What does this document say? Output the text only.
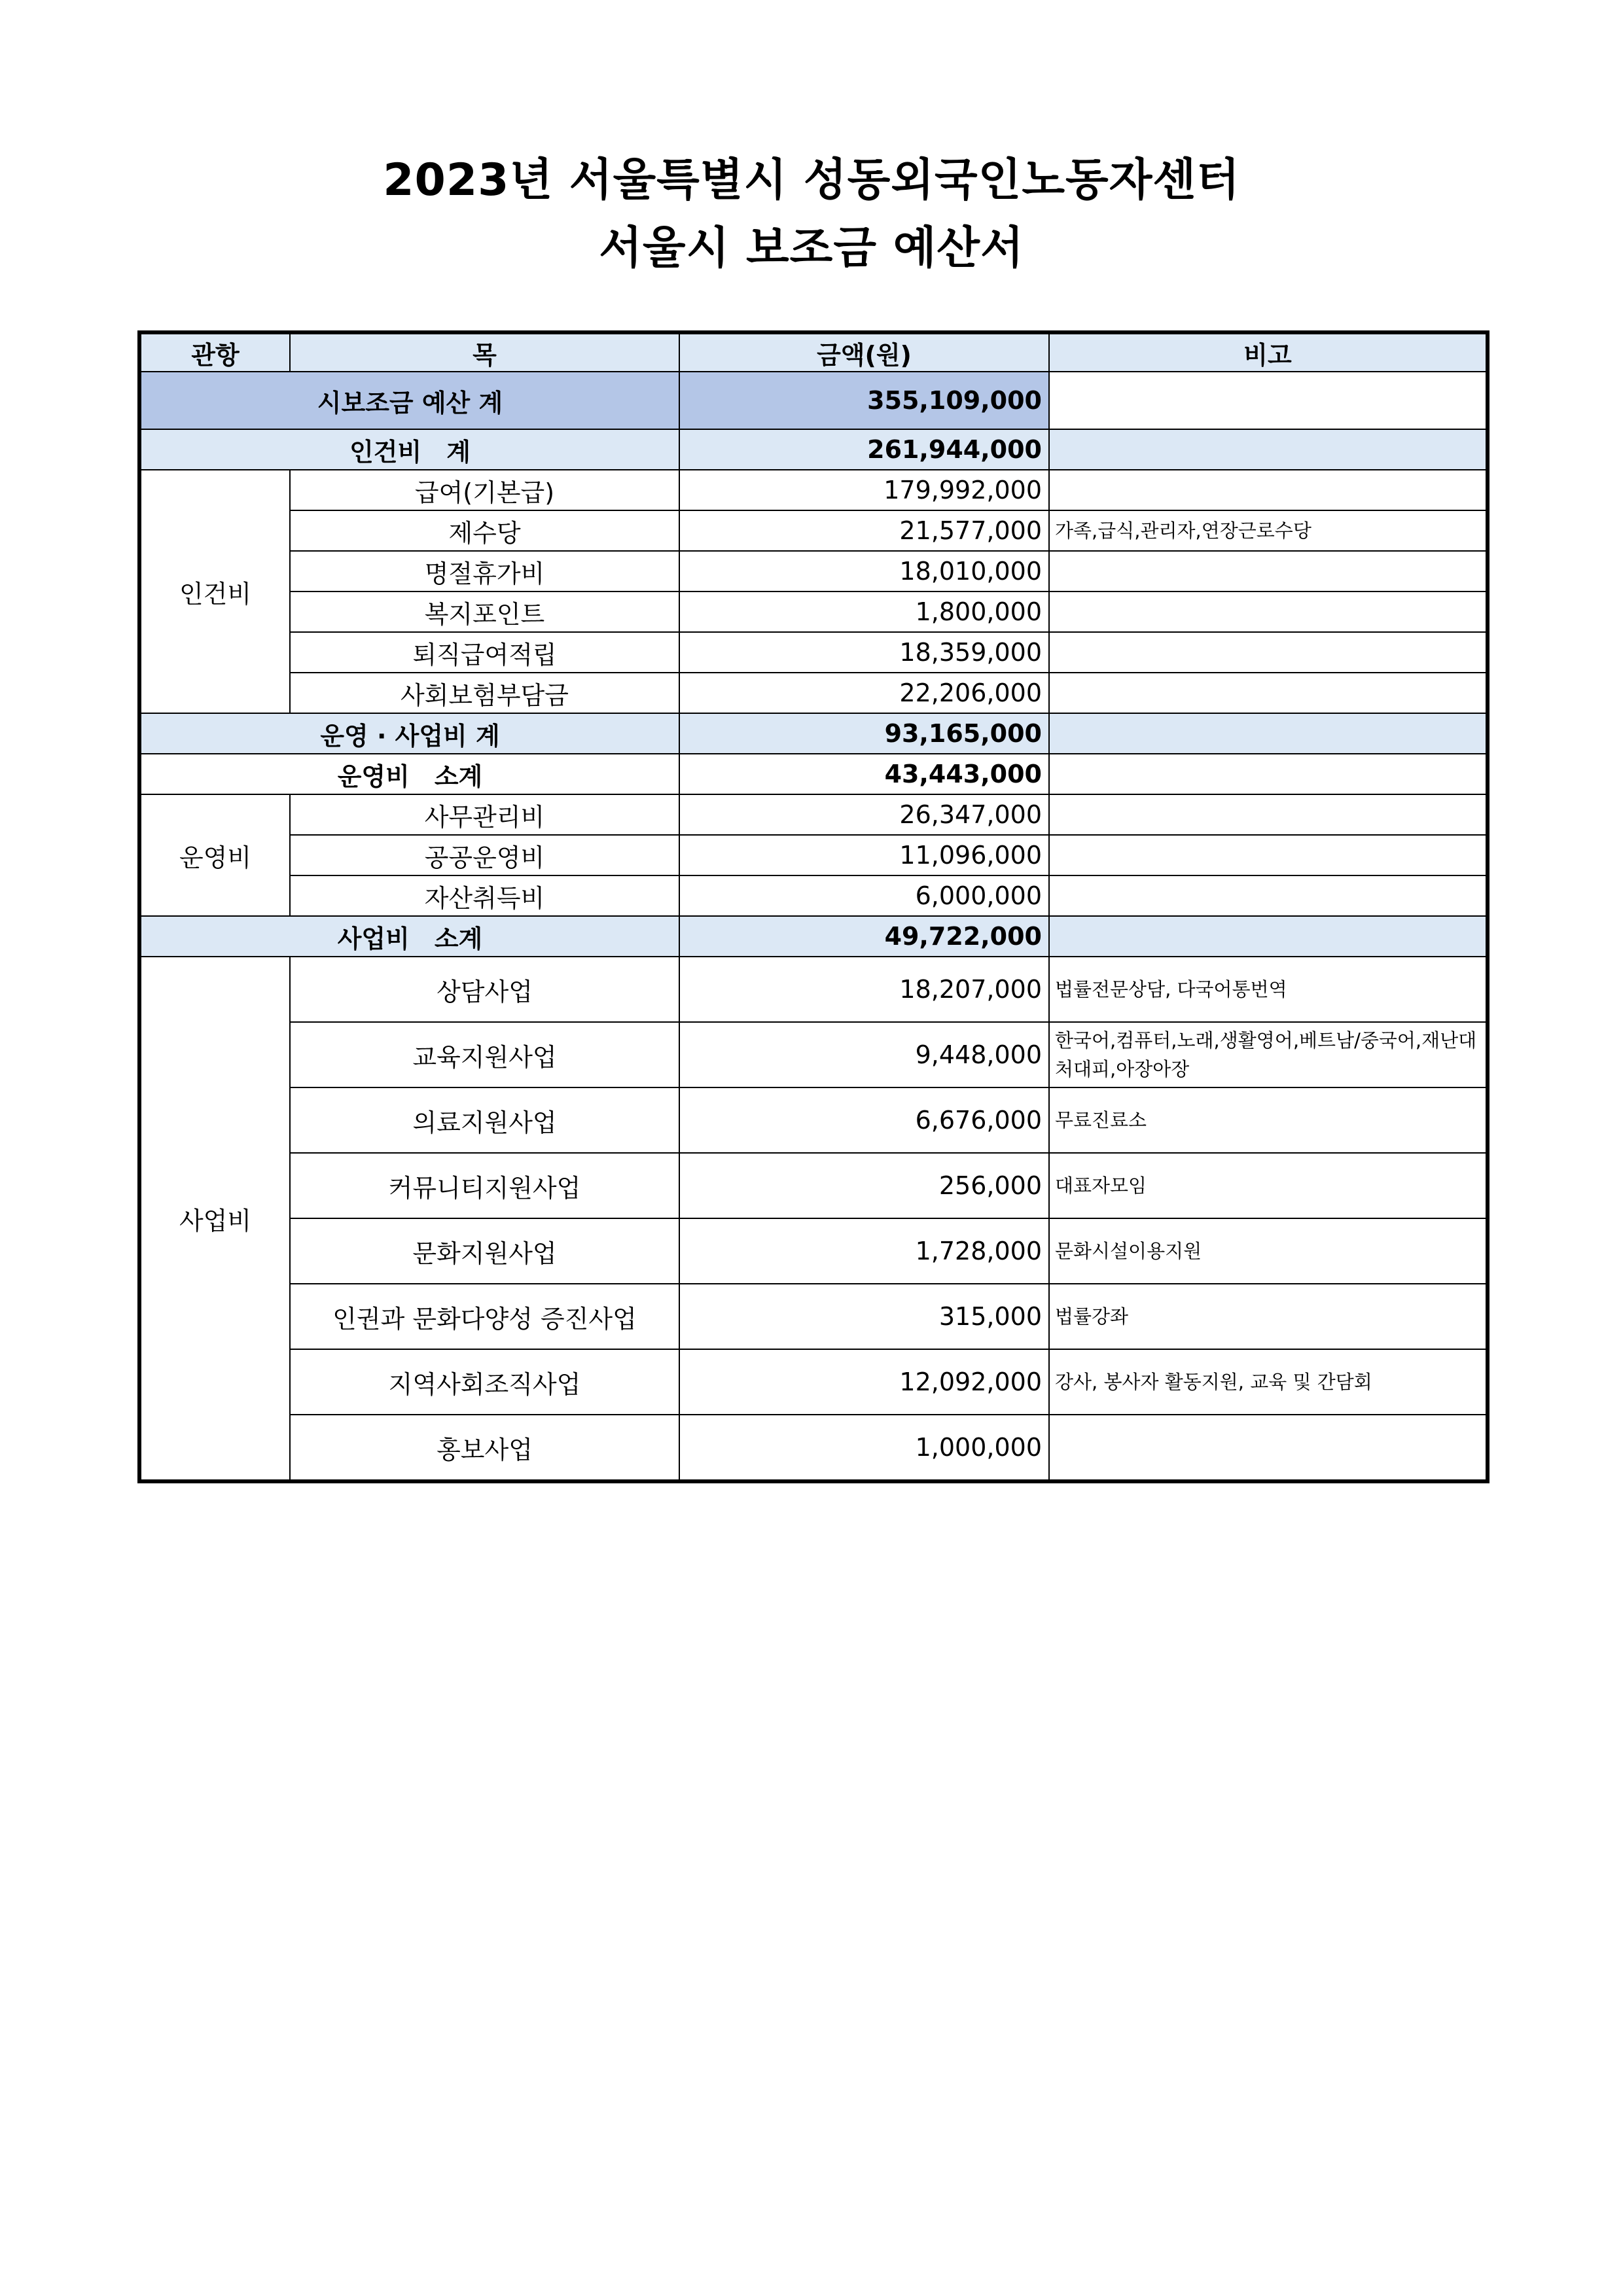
2023년 서울특별시 성동외국인노동자센터
서울시 보조금 예산서
관항	목	금액(원)	비고
시보조금 예산 계		355,109,000	
인건비　계		261,944,000	
인건비	급여(기본급)	179,992,000	
	제수당	21,577,000	가족,급식,관리자,연장근로수당
	명절휴가비	18,010,000	
	복지포인트	1,800,000	
	퇴직급여적립	18,359,000	
	사회보험부담금	22,206,000	
운영 · 사업비 계		93,165,000	
운영비　소계		43,443,000	
운영비	사무관리비	26,347,000	
	공공운영비	11,096,000	
	자산취득비	6,000,000	
사업비　소계		49,722,000	
사업비	상담사업	18,207,000	법률전문상담, 다국어통번역
	교육지원사업	9,448,000	한국어,컴퓨터,노래,생활영어,베트남/중국어,재난대처대피,아장아장
	의료지원사업	6,676,000	무료진료소
	커뮤니티지원사업	256,000	대표자모임
	문화지원사업	1,728,000	문화시설이용지원
	인권과 문화다양성 증진사업	315,000	법률강좌
	지역사회조직사업	12,092,000	강사, 봉사자 활동지원, 교육 및 간담회
	홍보사업	1,000,000	
